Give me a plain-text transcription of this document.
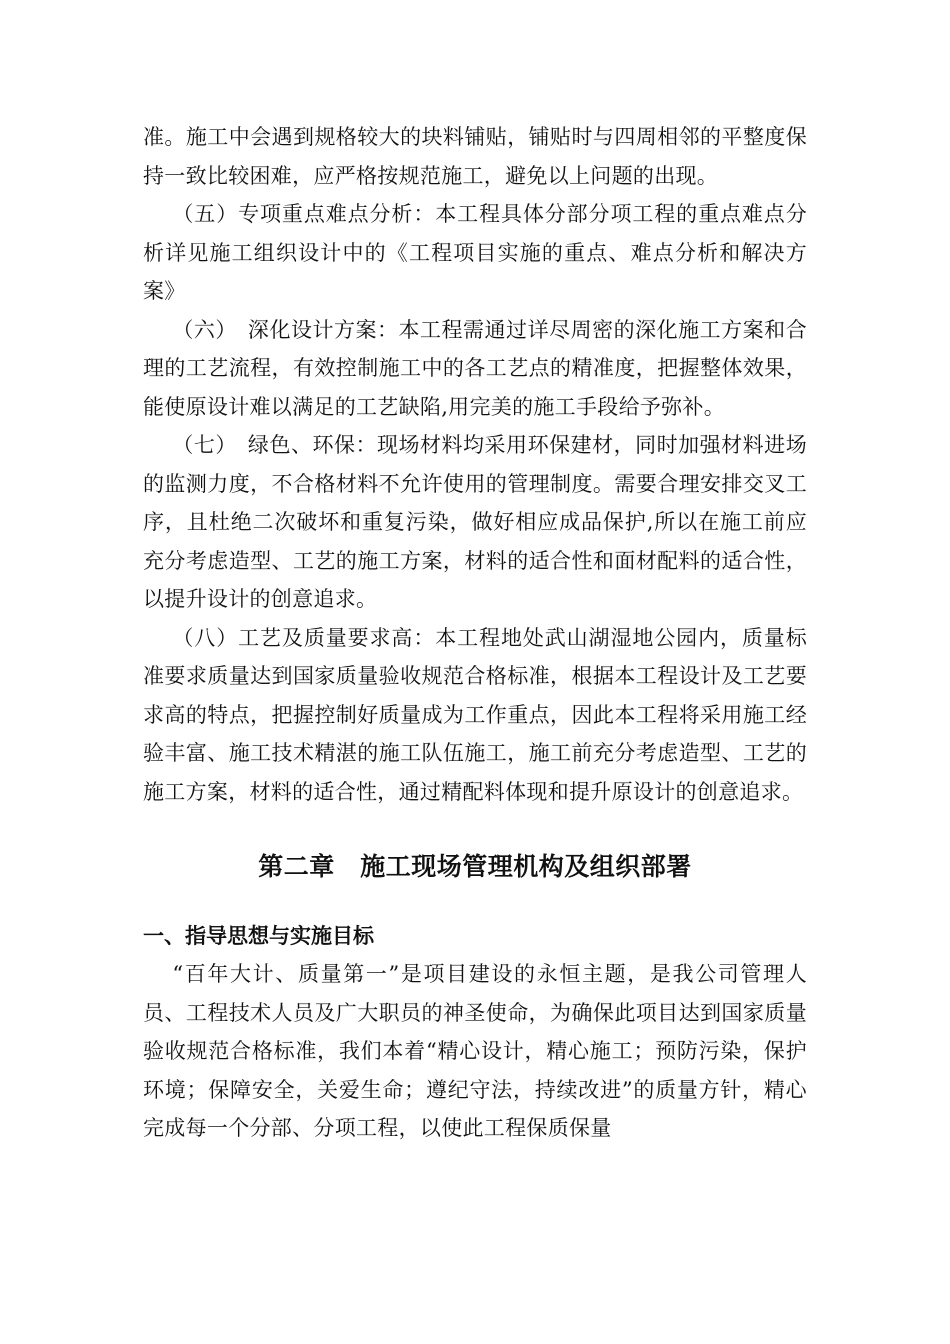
准。施工中会遇到规格较大的块料铺贴，铺贴时与四周相邻的平整度保持一致比较困难，应严格按规范施工，避免以上问题的出现。

（五）专项重点难点分析：本工程具体分部分项工程的重点难点分析详见施工组织设计中的《工程项目实施的重点、难点分析和解决方案》

（六）　深化设计方案：本工程需通过详尽周密的深化施工方案和合理的工艺流程，有效控制施工中的各工艺点的精准度，把握整体效果，能使原设计难以满足的工艺缺陷,用完美的施工手段给予弥补。

（七）　绿色、环保：现场材料均采用环保建材，同时加强材料进场的监测力度，不合格材料不允许使用的管理制度。需要合理安排交叉工序，且杜绝二次破坏和重复污染，做好相应成品保护,所以在施工前应充分考虑造型、工艺的施工方案，材料的适合性和面材配料的适合性，以提升设计的创意追求。

（八）工艺及质量要求高：本工程地处武山湖湿地公园内，质量标准要求质量达到国家质量验收规范合格标准，根据本工程设计及工艺要求高的特点，把握控制好质量成为工作重点，因此本工程将采用施工经验丰富、施工技术精湛的施工队伍施工，施工前充分考虑造型、工艺的施工方案，材料的适合性，通过精配料体现和提升原设计的创意追求。

第二章　施工现场管理机构及组织部署
一、指导思想与实施目标

“百年大计、质量第一”是项目建设的永恒主题，是我公司管理人员、工程技术人员及广大职员的神圣使命，为确保此项目达到国家质量验收规范合格标准，我们本着“精心设计，精心施工；预防污染，保护环境；保障安全，关爱生命；遵纪守法，持续改进”的质量方针，精心完成每一个分部、分项工程，以使此工程保质保量
